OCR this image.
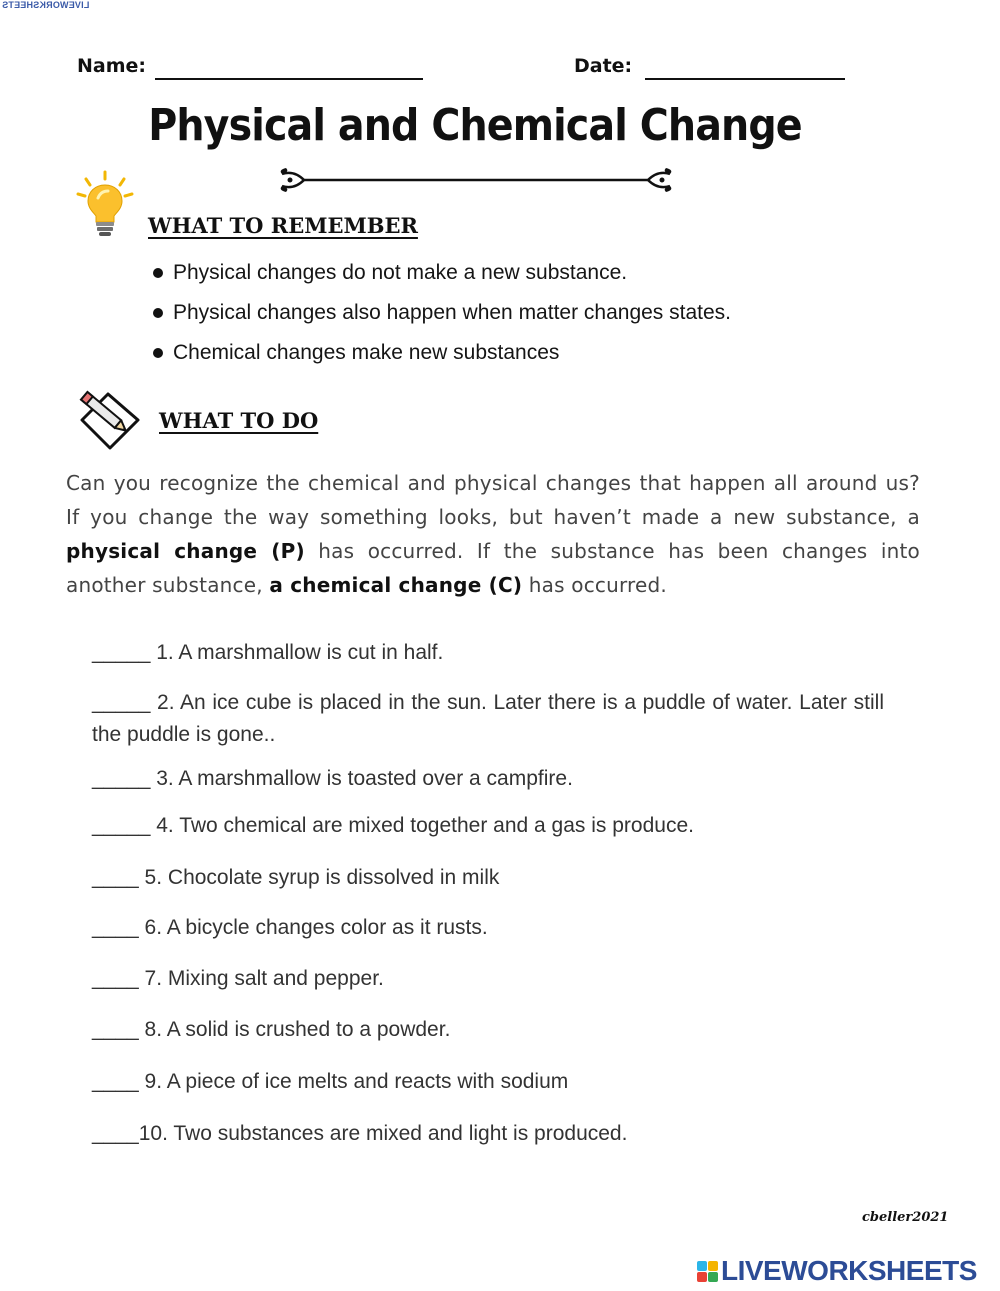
LIVEWORKSHEETS
Name:	Date:
Physical and Chemical Change
WHAT TO REMEMBER
Physical changes do not make a new substance.
Physical changes also happen when matter changes states.
Chemical changes make new substances
WHAT TO DO
Can you recognize the chemical and physical changes that happen all around us? If you change the way something looks, but haven’t made a new substance, a physical change (P) has occurred. If the substance has been changes into another substance, a chemical change (C) has occurred.
_____ 1. A marshmallow is cut in half.
_____ 2. An ice cube is placed in the sun. Later there is a puddle of water. Later still the puddle is gone..
_____ 3. A marshmallow is toasted over a campfire.
_____ 4. Two chemical are mixed together and a gas is produce.
____ 5. Chocolate syrup is dissolved in milk
____ 6. A bicycle changes color as it rusts.
____ 7. Mixing salt and pepper.
____ 8. A solid is crushed to a powder.
____ 9. A piece of ice melts and reacts with sodium
____10. Two substances are mixed and light is produced.
cbeller2021
LIVEWORKSHEETS
